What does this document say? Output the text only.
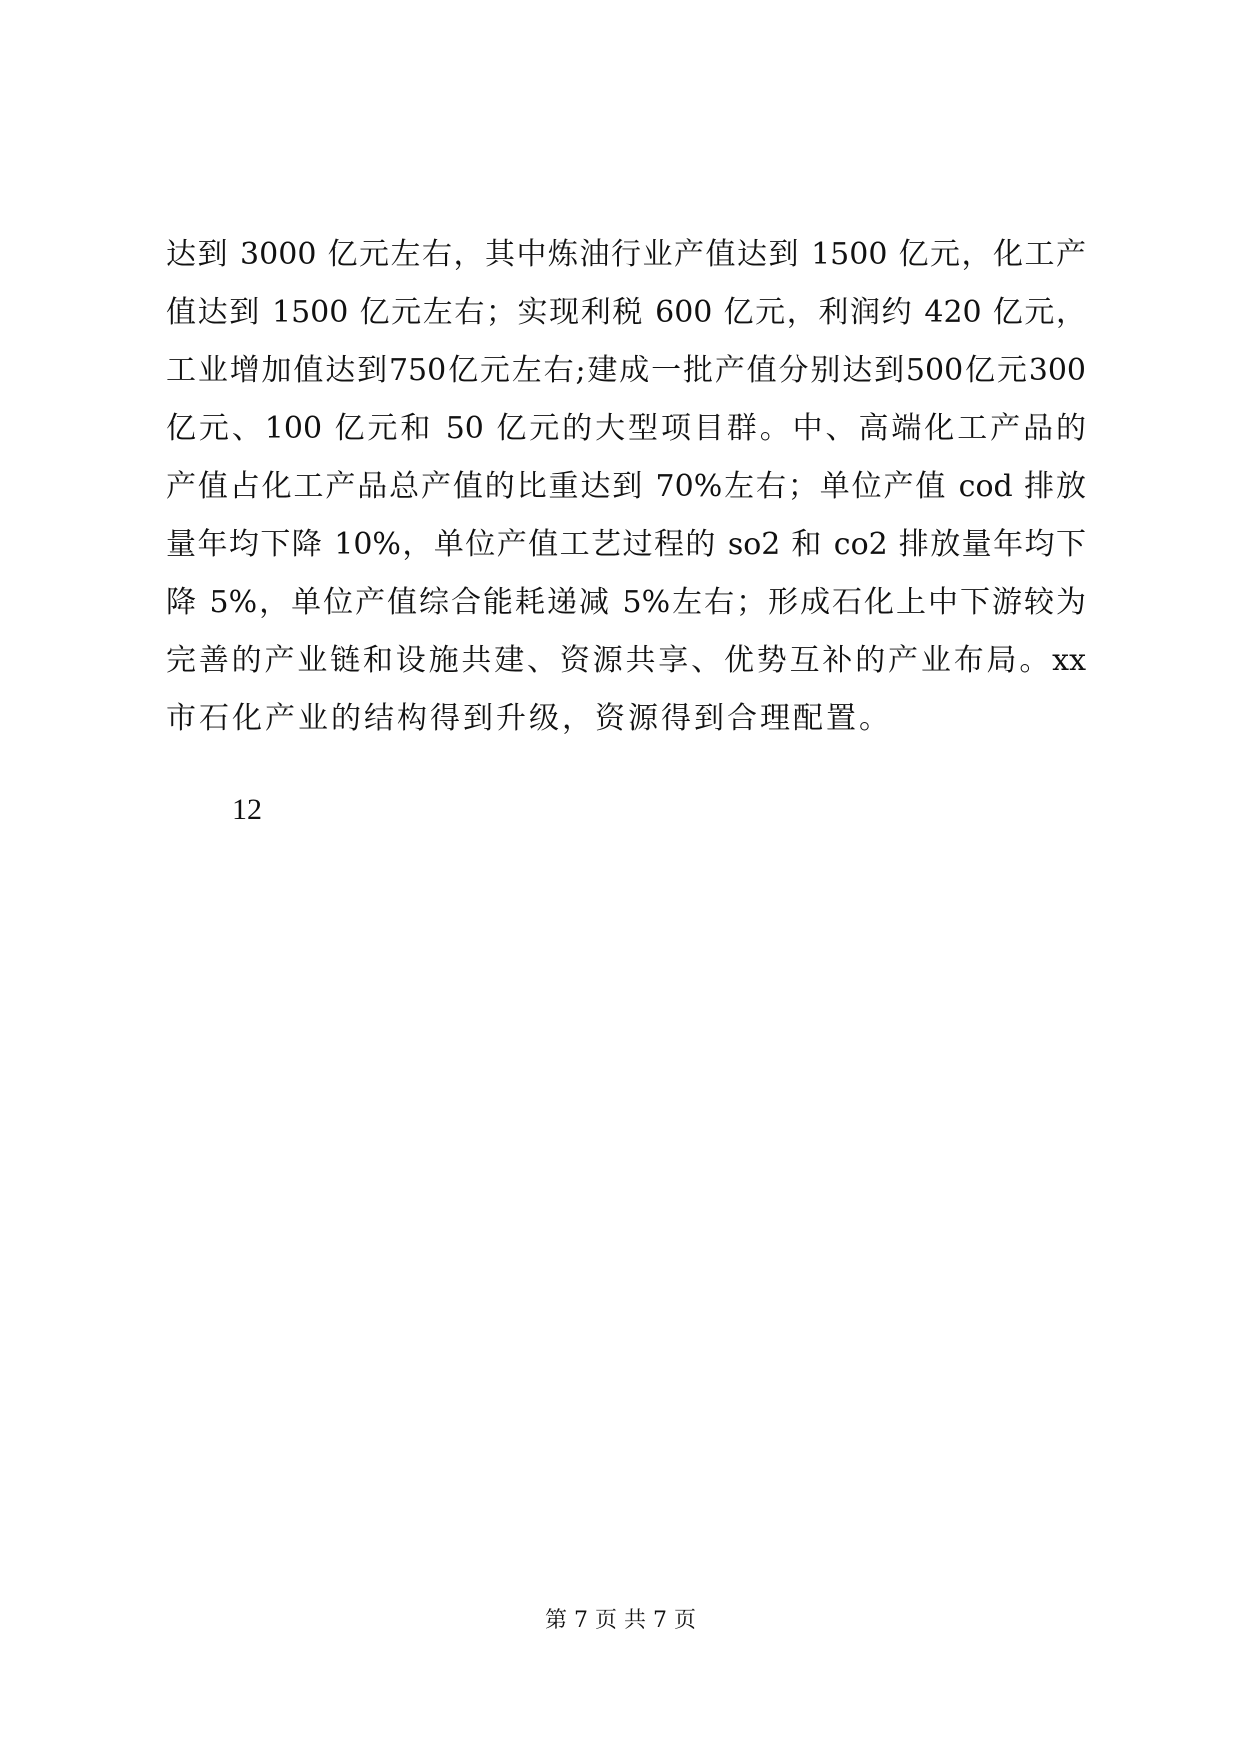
达到 3000 亿元左右，其中炼油行业产值达到 1500 亿元，化工产
值达到 1500 亿元左右；实现利税 600 亿元，利润约 420 亿元，
工业增加值达到750亿元左右;建成一批产值分别达到500亿元300
亿元、100 亿元和 50 亿元的大型项目群。中、高端化工产品的
产值占化工产品总产值的比重达到 70%左右；单位产值 cod 排放
量年均下降 10%，单位产值工艺过程的 so2 和 co2 排放量年均下
降 5%，单位产值综合能耗递减 5%左右；形成石化上中下游较为
完善的产业链和设施共建、资源共享、优势互补的产业布局。xx
市石化产业的结构得到升级，资源得到合理配置。
12
第 7 页 共 7 页
